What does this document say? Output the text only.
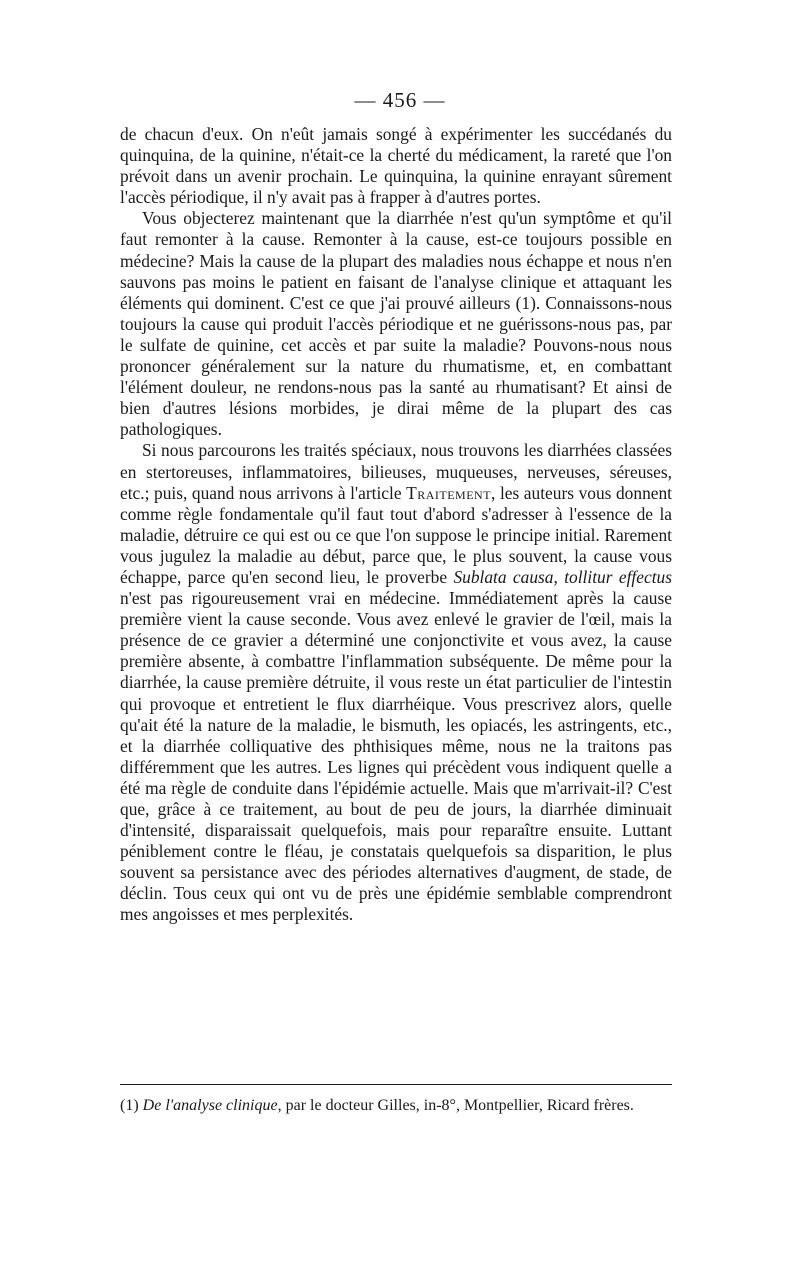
— 456 —

de chacun d'eux. On n'eût jamais songé à expérimenter les succédanés du quinquina, de la quinine, n'était-ce la cherté du médicament, la rareté que l'on prévoit dans un avenir prochain. Le quinquina, la quinine enrayant sûrement l'accès périodique, il n'y avait pas à frapper à d'autres portes.

Vous objecterez maintenant que la diarrhée n'est qu'un symptôme et qu'il faut remonter à la cause. Remonter à la cause, est-ce toujours possible en médecine? Mais la cause de la plupart des maladies nous échappe et nous n'en sauvons pas moins le patient en faisant de l'analyse clinique et attaquant les éléments qui dominent. C'est ce que j'ai prouvé ailleurs (1). Connaissons-nous toujours la cause qui produit l'accès périodique et ne guérissons-nous pas, par le sulfate de quinine, cet accès et par suite la maladie? Pouvons-nous nous prononcer généralement sur la nature du rhumatisme, et, en combattant l'élément douleur, ne rendons-nous pas la santé au rhumatisant? Et ainsi de bien d'autres lésions morbides, je dirai même de la plupart des cas pathologiques.

Si nous parcourons les traités spéciaux, nous trouvons les diarrhées classées en stertoreuses, inflammatoires, bilieuses, muqueuses, nerveuses, séreuses, etc.; puis, quand nous arrivons à l'article Traitement, les auteurs vous donnent comme règle fondamentale qu'il faut tout d'abord s'adresser à l'essence de la maladie, détruire ce qui est ou ce que l'on suppose le principe initial. Rarement vous jugulez la maladie au début, parce que, le plus souvent, la cause vous échappe, parce qu'en second lieu, le proverbe Sublata causa, tollitur effectus n'est pas rigoureusement vrai en médecine. Immédiatement après la cause première vient la cause seconde. Vous avez enlevé le gravier de l'œil, mais la présence de ce gravier a déterminé une conjonctivite et vous avez, la cause première absente, à combattre l'inflammation subséquente. De même pour la diarrhée, la cause première détruite, il vous reste un état particulier de l'intestin qui provoque et entretient le flux diarrhéique. Vous prescrivez alors, quelle qu'ait été la nature de la maladie, le bismuth, les opiacés, les astringents, etc., et la diarrhée colliquative des phthisiques même, nous ne la traitons pas différemment que les autres. Les lignes qui précèdent vous indiquent quelle a été ma règle de conduite dans l'épidémie actuelle. Mais que m'arrivait-il? C'est que, grâce à ce traitement, au bout de peu de jours, la diarrhée diminuait d'intensité, disparaissait quelquefois, mais pour reparaître ensuite. Luttant péniblement contre le fléau, je constatais quelquefois sa disparition, le plus souvent sa persistance avec des périodes alternatives d'augment, de stade, de déclin. Tous ceux qui ont vu de près une épidémie semblable comprendront mes angoisses et mes perplexités.

(1) De l'analyse clinique, par le docteur Gilles, in-8°, Montpellier, Ricard frères.
